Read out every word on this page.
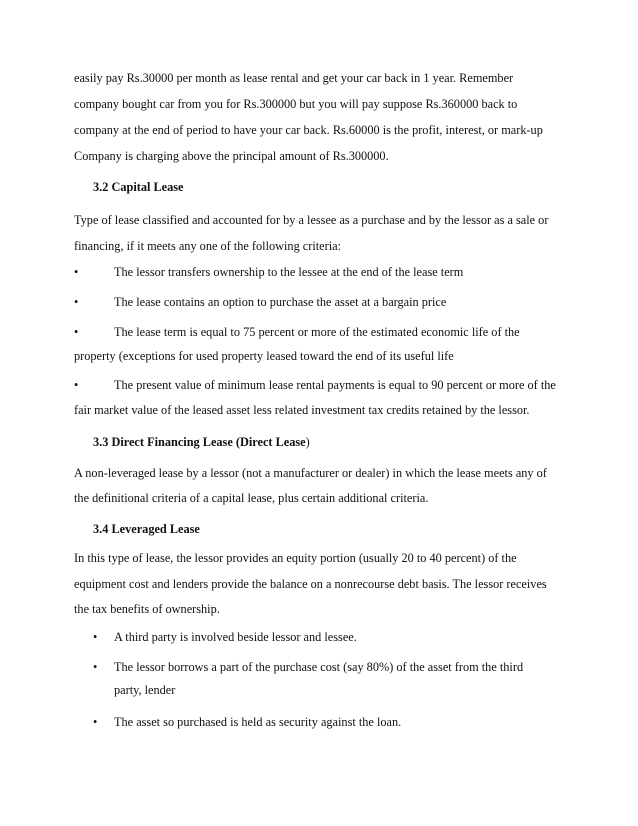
easily pay Rs.30000 per month as lease rental and get your car back in 1 year. Remember
company bought car from you for Rs.300000 but you will pay suppose Rs.360000 back to
company at the end of period to have your car back. Rs.60000 is the profit, interest, or mark-up
Company is charging above the principal amount of Rs.300000.
3.2 Capital Lease
Type of lease classified and accounted for by a lessee as a purchase and by the lessor as a sale or
financing, if it meets any one of the following criteria:
•	The lessor transfers ownership to the lessee at the end of the lease term
•	The lease contains an option to purchase the asset at a bargain price
•	The lease term is equal to 75 percent or more of the estimated economic life of the
property (exceptions for used property leased toward the end of its useful life
•	The present value of minimum lease rental payments is equal to 90 percent or more of the
fair market value of the leased asset less related investment tax credits retained by the lessor.
3.3 Direct Financing Lease (Direct Lease)
A non-leveraged lease by a lessor (not a manufacturer or dealer) in which the lease meets any of
the definitional criteria of a capital lease, plus certain additional criteria.
3.4 Leveraged Lease
In this type of lease, the lessor provides an equity portion (usually 20 to 40 percent) of the
equipment cost and lenders provide the balance on a nonrecourse debt basis. The lessor receives
the tax benefits of ownership.
• A third party is involved beside lessor and lessee.
• The lessor borrows a part of the purchase cost (say 80%) of the asset from the third
party, lender
• The asset so purchased is held as security against the loan.
